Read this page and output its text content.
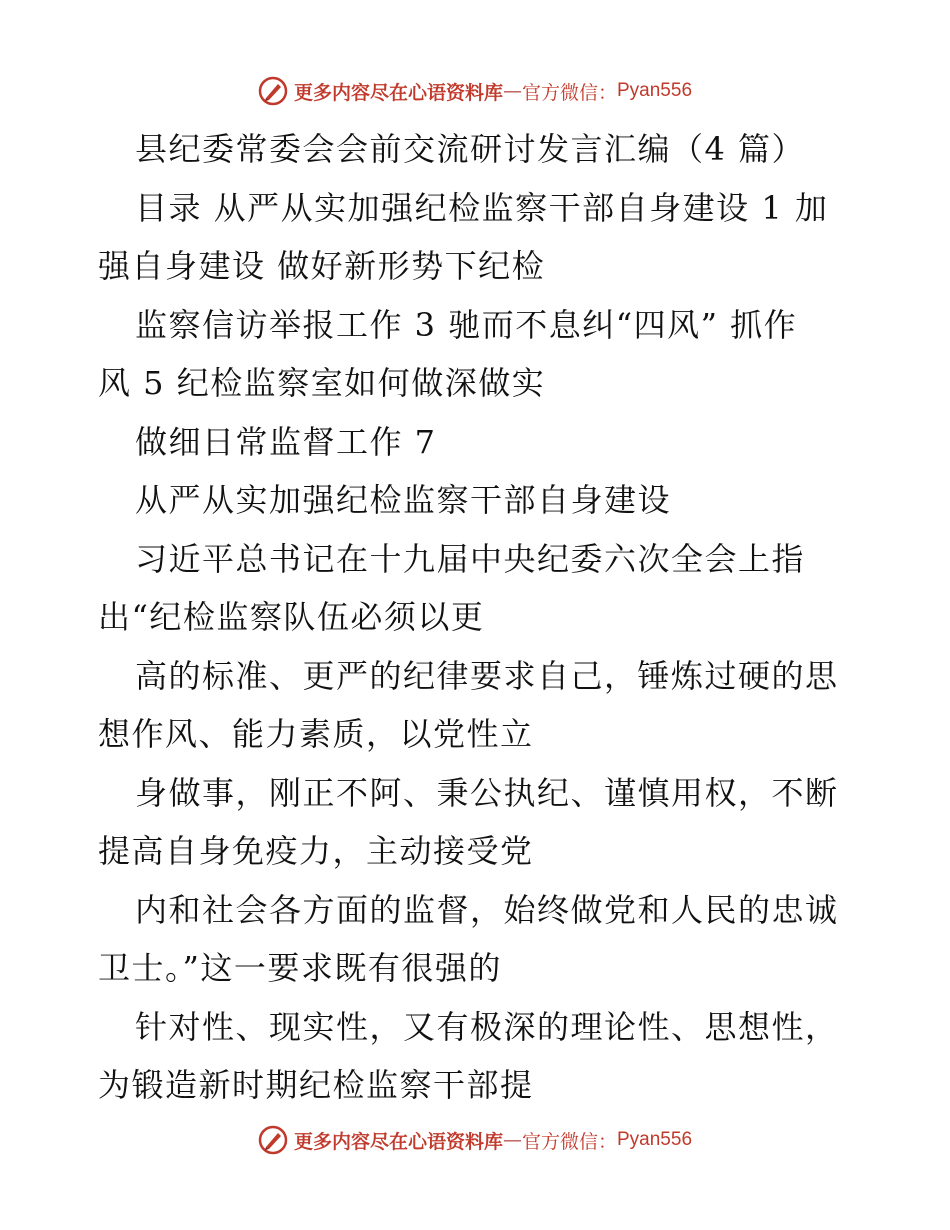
更多内容尽在心语资料库 — 官方微信： Pyan556
县纪委常委会会前交流研讨发言汇编（4 篇）
目录 从严从实加强纪检监察干部自身建设 1 加
强自身建设 做好新形势下纪检
监察信访举报工作 3 驰而不息纠“四风” 抓作
风 5 纪检监察室如何做深做实
做细日常监督工作 7
从严从实加强纪检监察干部自身建设
习近平总书记在十九届中央纪委六次全会上指
出“纪检监察队伍必须以更
高的标准、更严的纪律要求自己，锤炼过硬的思
想作风、能力素质，以党性立
身做事，刚正不阿、秉公执纪、谨慎用权，不断
提高自身免疫力，主动接受党
内和社会各方面的监督，始终做党和人民的忠诚
卫士。”这一要求既有很强的
针对性、现实性，又有极深的理论性、思想性，
为锻造新时期纪检监察干部提
更多内容尽在心语资料库 — 官方微信： Pyan556
